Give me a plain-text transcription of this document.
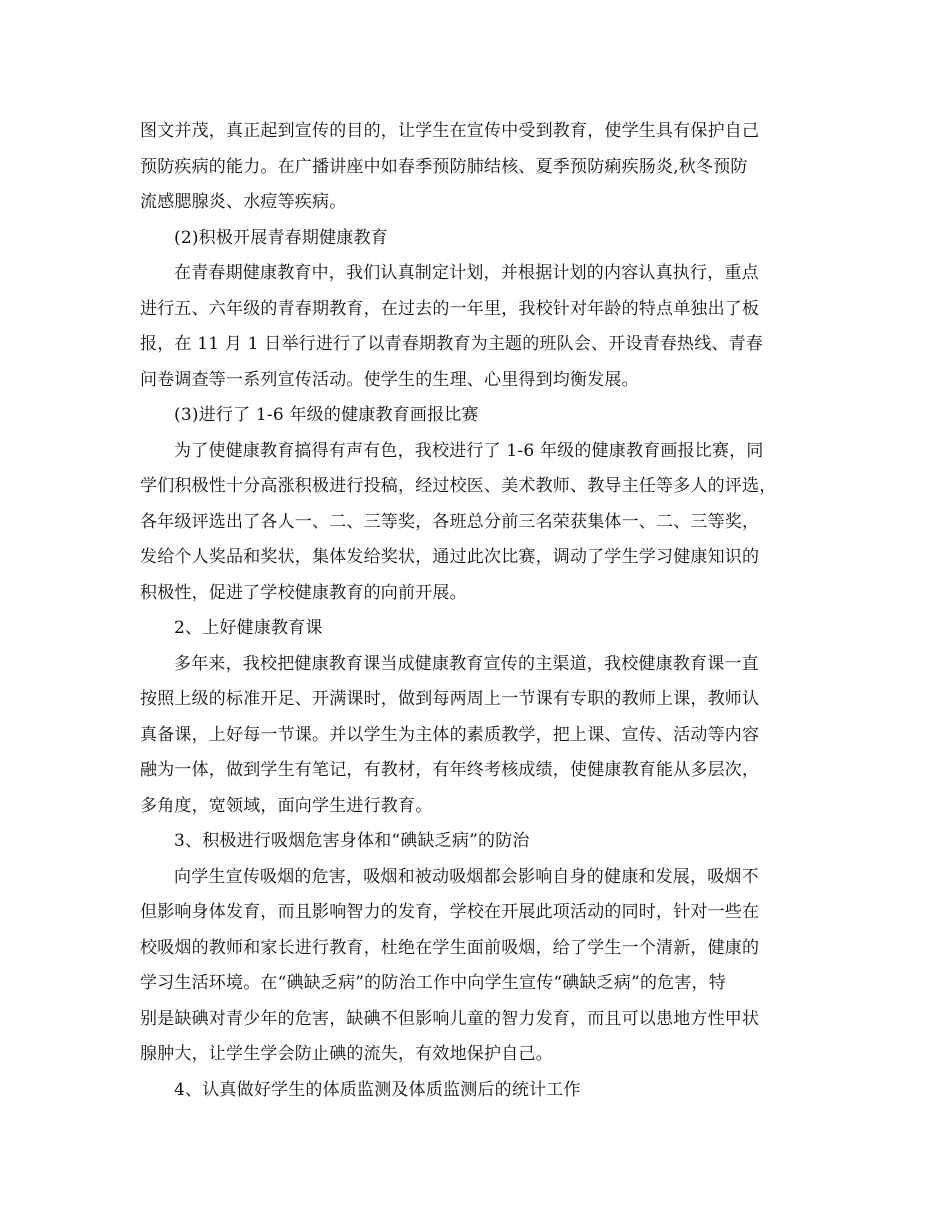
图文并茂，真正起到宣传的目的，让学生在宣传中受到教育，使学生具有保护自己
预防疾病的能力。在广播讲座中如春季预防肺结核、夏季预防痢疾肠炎,秋冬预防
流感腮腺炎、水痘等疾病。
(2)积极开展青春期健康教育
在青春期健康教育中，我们认真制定计划，并根据计划的内容认真执行，重点
进行五、六年级的青春期教育，在过去的一年里，我校针对年龄的特点单独出了板
报，在 11 月 1 日举行进行了以青春期教育为主题的班队会、开设青春热线、青春
问卷调查等一系列宣传活动。使学生的生理、心里得到均衡发展。
(3)进行了 1-6 年级的健康教育画报比赛
为了使健康教育搞得有声有色，我校进行了 1-6 年级的健康教育画报比赛，同
学们积极性十分高涨积极进行投稿，经过校医、美术教师、教导主任等多人的评选，
各年级评选出了各人一、二、三等奖，各班总分前三名荣获集体一、二、三等奖，
发给个人奖品和奖状，集体发给奖状，通过此次比赛，调动了学生学习健康知识的
积极性，促进了学校健康教育的向前开展。
2、上好健康教育课
多年来，我校把健康教育课当成健康教育宣传的主渠道，我校健康教育课一直
按照上级的标准开足、开满课时，做到每两周上一节课有专职的教师上课，教师认
真备课，上好每一节课。并以学生为主体的素质教学，把上课、宣传、活动等内容
融为一体，做到学生有笔记，有教材，有年终考核成绩，使健康教育能从多层次，
多角度，宽领域，面向学生进行教育。
3、积极进行吸烟危害身体和“碘缺乏病”的防治
向学生宣传吸烟的危害，吸烟和被动吸烟都会影响自身的健康和发展，吸烟不
但影响身体发育，而且影响智力的发育，学校在开展此项活动的同时，针对一些在
校吸烟的教师和家长进行教育，杜绝在学生面前吸烟，给了学生一个清新，健康的
学习生活环境。在“碘缺乏病”的防治工作中向学生宣传“碘缺乏病”的危害，特
别是缺碘对青少年的危害，缺碘不但影响儿童的智力发育，而且可以患地方性甲状
腺肿大，让学生学会防止碘的流失，有效地保护自己。
4、认真做好学生的体质监测及体质监测后的统计工作
